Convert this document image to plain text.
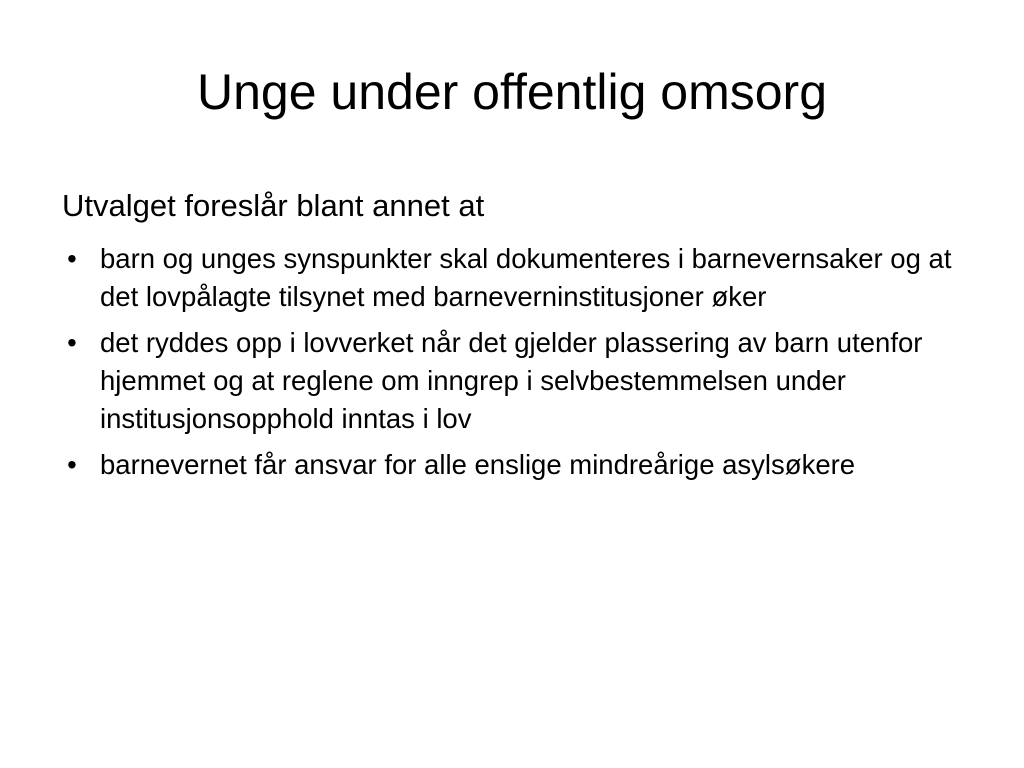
Unge under offentlig omsorg

Utvalget foreslår blant annet at

• barn og unges synspunkter skal dokumenteres i barnevernsaker og at det lovpålagte tilsynet med barneverninstitusjoner øker
• det ryddes opp i lovverket når det gjelder plassering av barn utenfor hjemmet og at reglene om inngrep i selvbestemmelsen under institusjonsopphold inntas i lov
• barnevernet får ansvar for alle enslige mindreårige asylsøkere
